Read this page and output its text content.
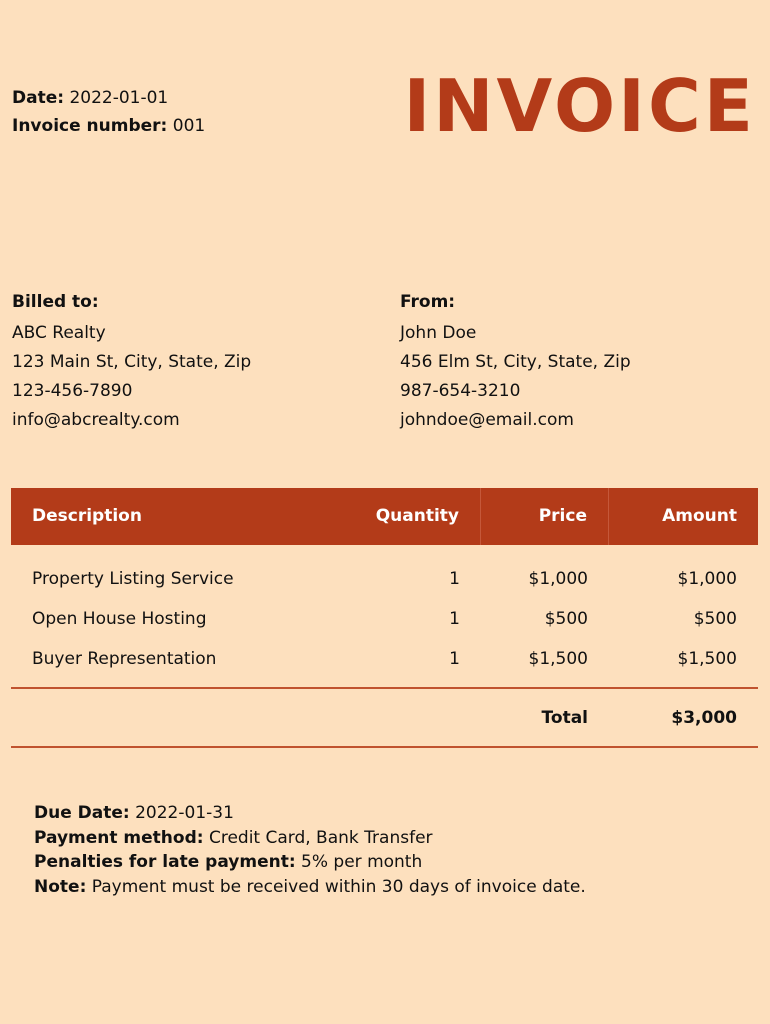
Date: 2022-01-01
Invoice number: 001	INVOICE
Billed to:
ABC Realty
123 Main St, City, State, Zip
123-456-7890
info@abcrealty.com
From:
John Doe
456 Elm St, City, State, Zip
987-654-3210
johndoe@email.com
Description	Quantity	Price	Amount
Property Listing Service	1	$1,000	$1,000
Open House Hosting	1	$500	$500
Buyer Representation	1	$1,500	$1,500
Total	$3,000
Due Date: 2022-01-31
Payment method: Credit Card, Bank Transfer
Penalties for late payment: 5% per month
Note: Payment must be received within 30 days of invoice date.
